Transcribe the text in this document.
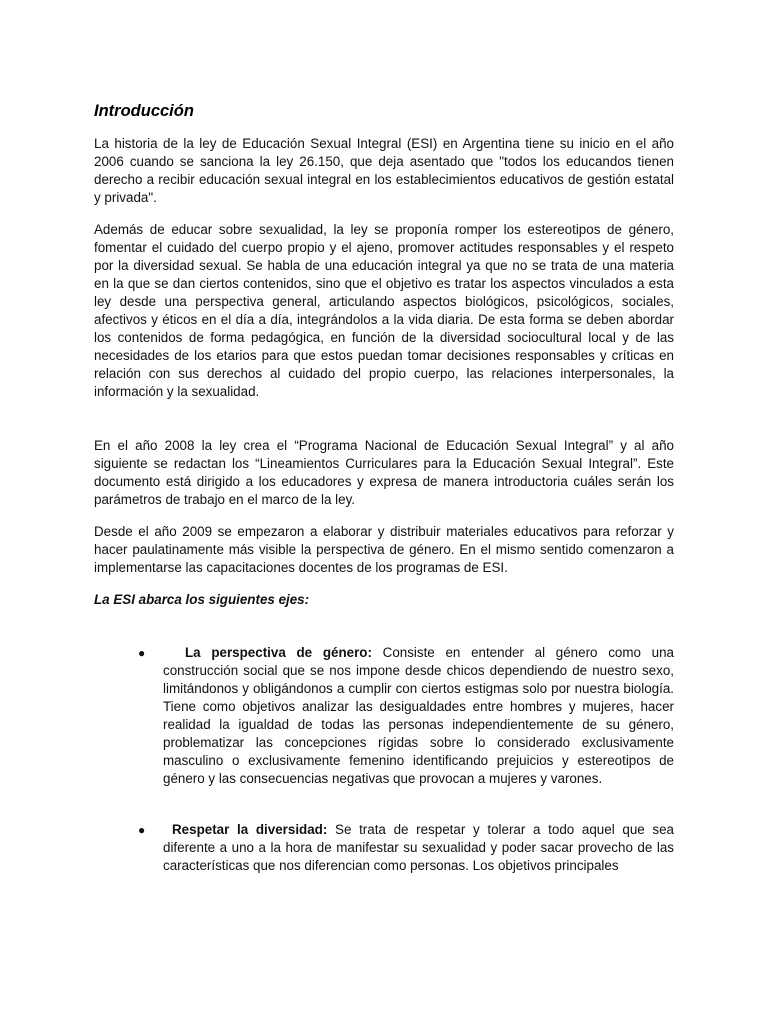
Introducción

La historia de la ley de Educación Sexual Integral (ESI) en Argentina tiene su inicio en el año 2006 cuando se sanciona la ley 26.150, que deja asentado que "todos los educandos tienen derecho a recibir educación sexual integral en los establecimientos educativos de gestión estatal y privada".

Además de educar sobre sexualidad, la ley se proponía romper los estereotipos de género, fomentar el cuidado del cuerpo propio y el ajeno, promover actitudes responsables y el respeto por la diversidad sexual. Se habla de una educación integral ya que no se trata de una materia en la que se dan ciertos contenidos, sino que el objetivo es tratar los aspectos vinculados a esta ley desde una perspectiva general, articulando aspectos biológicos, psicológicos, sociales, afectivos y éticos en el día a día, integrándolos a la vida diaria. De esta forma se deben abordar los contenidos de forma pedagógica, en función de la diversidad sociocultural local y de las necesidades de los etarios para que estos puedan tomar decisiones responsables y críticas en relación con sus derechos al cuidado del propio cuerpo, las relaciones interpersonales, la información y la sexualidad.

En el año 2008 la ley crea el “Programa Nacional de Educación Sexual Integral” y al año siguiente se redactan los “Lineamientos Curriculares para la Educación Sexual Integral”. Este documento está dirigido a los educadores y expresa de manera introductoria cuáles serán los parámetros de trabajo en el marco de la ley.

Desde el año 2009 se empezaron a elaborar y distribuir materiales educativos para reforzar y hacer paulatinamente más visible la perspectiva de género. En el mismo sentido comenzaron a implementarse las capacitaciones docentes de los programas de ESI.

La ESI abarca los siguientes ejes:
●	La perspectiva de género: Consiste en entender al género como una construcción social que se nos impone desde chicos dependiendo de nuestro sexo, limitándonos y obligándonos a cumplir con ciertos estigmas solo por nuestra biología. Tiene como objetivos analizar las desigualdades entre hombres y mujeres, hacer realidad la igualdad de todas las personas independientemente de su género, problematizar las concepciones rígidas sobre lo considerado exclusivamente masculino o exclusivamente femenino identificando prejuicios y estereotipos de género y las consecuencias negativas que provocan a mujeres y varones.
● Respetar la diversidad: Se trata de respetar y tolerar a todo aquel que sea diferente a uno a la hora de manifestar su sexualidad y poder sacar provecho de las características que nos diferencian como personas. Los objetivos principales
